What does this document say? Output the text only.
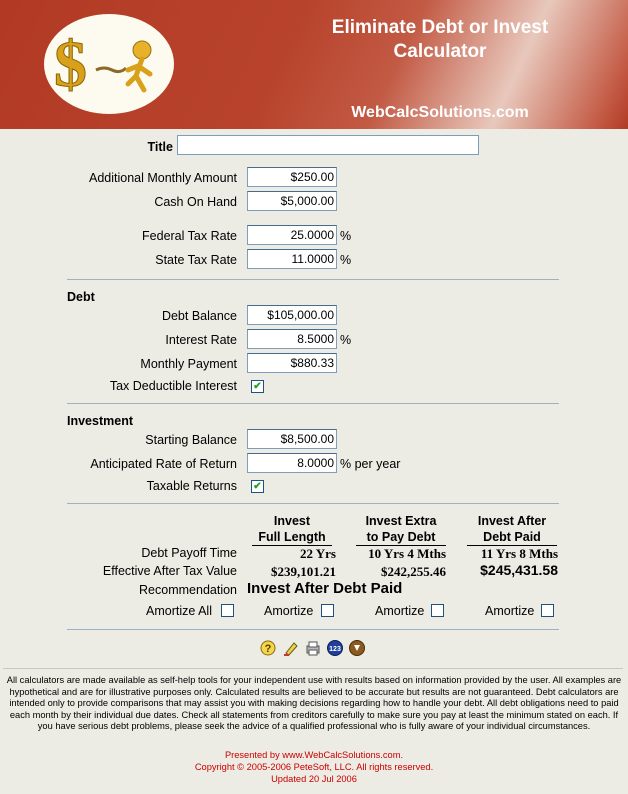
$
Eliminate Debt or Invest
Calculator
WebCalcSolutions.com
Title
Additional Monthly Amount	$250.00
Cash On Hand	$5,000.00
Federal Tax Rate	25.0000 %
State Tax Rate	11.0000 %
Debt
Debt Balance	$105,000.00
Interest Rate	8.5000 %
Monthly Payment	$880.33
Tax Deductible Interest ✔
Investment
Starting Balance	$8,500.00
Anticipated Rate of Return	8.0000 % per year
Taxable Returns ✔
Invest
Full Length
Invest Extra
to Pay Debt
Invest After
Debt Paid
Debt Payoff Time	22 Yrs	10 Yrs 4 Mths	11 Yrs 8 Mths
Effective After Tax Value	$239,101.21	$242,255.46	$245,431.58
Recommendation Invest After Debt Paid
Amortize All	Amortize	Amortize	Amortize
?	123
All calculators are made available as self-help tools for your independent use with results based on information provided by the user. All examples are hypothetical and are for illustrative purposes only. Calculated results are believed to be accurate but results are not guaranteed. Debt calculators are intended only to provide comparisons that may assist you with making decisions regarding how to handle your debt. All debt obligations need to paid each month by their individual due dates. Check all statements from creditors carefully to make sure you pay at least the minimum stated on each. If you have serious debt problems, please seek the advice of a qualified professional who is fully aware of your individual circumstances.
Presented by www.WebCalcSolutions.com.
Copyright © 2005-2006 PeteSoft, LLC. All rights reserved.
Updated 20 Jul 2006
